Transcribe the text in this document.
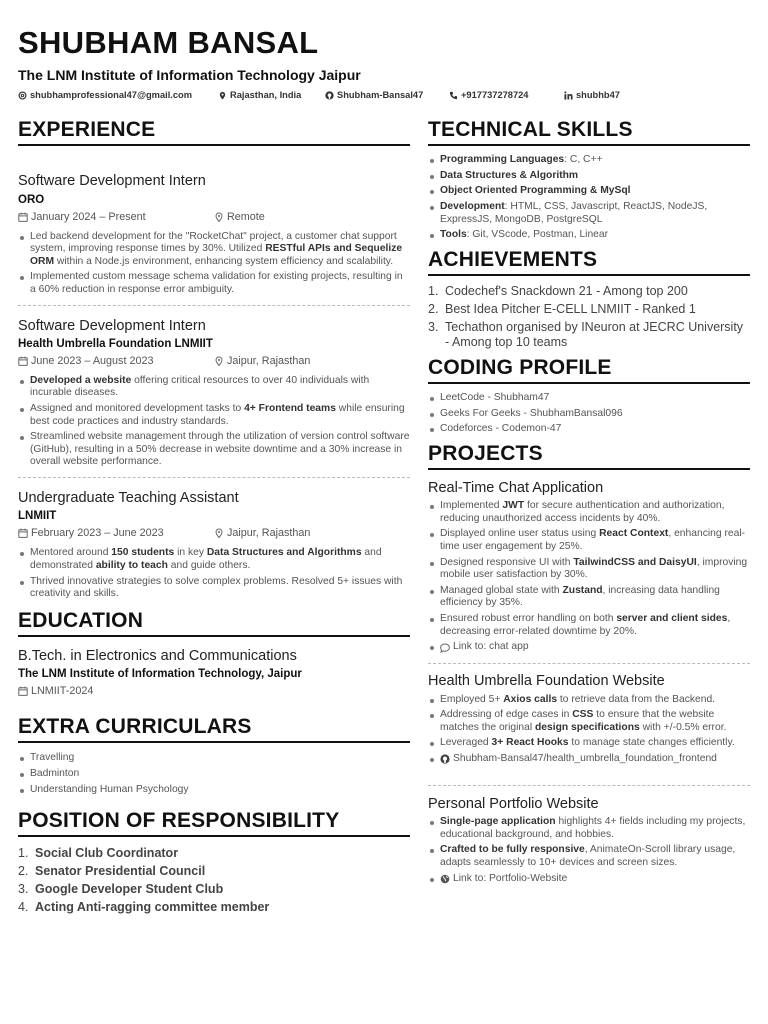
SHUBHAM BANSAL
The LNM Institute of Information Technology Jaipur
shubhamprofessional47@gmail.com	Rajasthan, India	Shubham-Bansal47	+917737278724	shubhb47
EXPERIENCE
Software Development Intern
ORO
January 2024 – Present	Remote
Led backend development for the "RocketChat" project, a customer chat support system, improving response times by 30%. Utilized RESTful APIs and Sequelize ORM within a Node.js environment, enhancing system efficiency and scalability.
Implemented custom message schema validation for existing projects, resulting in a 60% reduction in response error ambiguity.
Software Development Intern
Health Umbrella Foundation LNMIIT
June 2023 – August 2023	Jaipur, Rajasthan
Developed a website offering critical resources to over 40 individuals with incurable diseases.
Assigned and monitored development tasks to 4+ Frontend teams while ensuring best code practices and industry standards.
Streamlined website management through the utilization of version control software (GitHub), resulting in a 50% decrease in website downtime and a 30% increase in overall website performance.
Undergraduate Teaching Assistant
LNMIIT
February 2023 – June 2023	Jaipur, Rajasthan
Mentored around 150 students in key Data Structures and Algorithms and demonstrated ability to teach and guide others.
Thrived innovative strategies to solve complex problems. Resolved 5+ issues with creativity and skills.
EDUCATION
B.Tech. in Electronics and Communications
The LNM Institute of Information Technology, Jaipur
LNMIIT-2024
EXTRA CURRICULARS
Travelling
Badminton
Understanding Human Psychology
POSITION OF RESPONSIBILITY
1. Social Club Coordinator
2. Senator Presidential Council
3. Google Developer Student Club
4. Acting Anti-ragging committee member
TECHNICAL SKILLS
Programming Languages: C, C++
Data Structures & Algorithm
Object Oriented Programming & MySql
Development: HTML, CSS, Javascript, ReactJS, NodeJS, ExpressJS, MongoDB, PostgreSQL
Tools: Git, VScode, Postman, Linear
ACHIEVEMENTS
1. Codechef's Snackdown 21 - Among top 200
2. Best Idea Pitcher E-CELL LNMIIT - Ranked 1
3. Techathon organised by INeuron at JECRC University - Among top 10 teams
CODING PROFILE
LeetCode - Shubham47
Geeks For Geeks - ShubhamBansal096
Codeforces - Codemon-47
PROJECTS
Real-Time Chat Application
Implemented JWT for secure authentication and authorization, reducing unauthorized access incidents by 40%.
Displayed online user status using React Context, enhancing real-time user engagement by 25%.
Designed responsive UI with TailwindCSS and DaisyUI, improving mobile user satisfaction by 30%.
Managed global state with Zustand, increasing data handling efficiency by 35%.
Ensured robust error handling on both server and client sides, decreasing error-related downtime by 20%.
Link to: chat app
Health Umbrella Foundation Website
Employed 5+ Axios calls to retrieve data from the Backend.
Addressing of edge cases in CSS to ensure that the website matches the original design specifications with +/-0.5% error.
Leveraged 3+ React Hooks to manage state changes efficiently.
Shubham-Bansal47/health_umbrella_foundation_frontend
Personal Portfolio Website
Single-page application highlights 4+ fields including my projects, educational background, and hobbies.
Crafted to be fully responsive, AnimateOn-Scroll library usage, adapts seamlessly to 10+ devices and screen sizes.
Link to: Portfolio-Website
